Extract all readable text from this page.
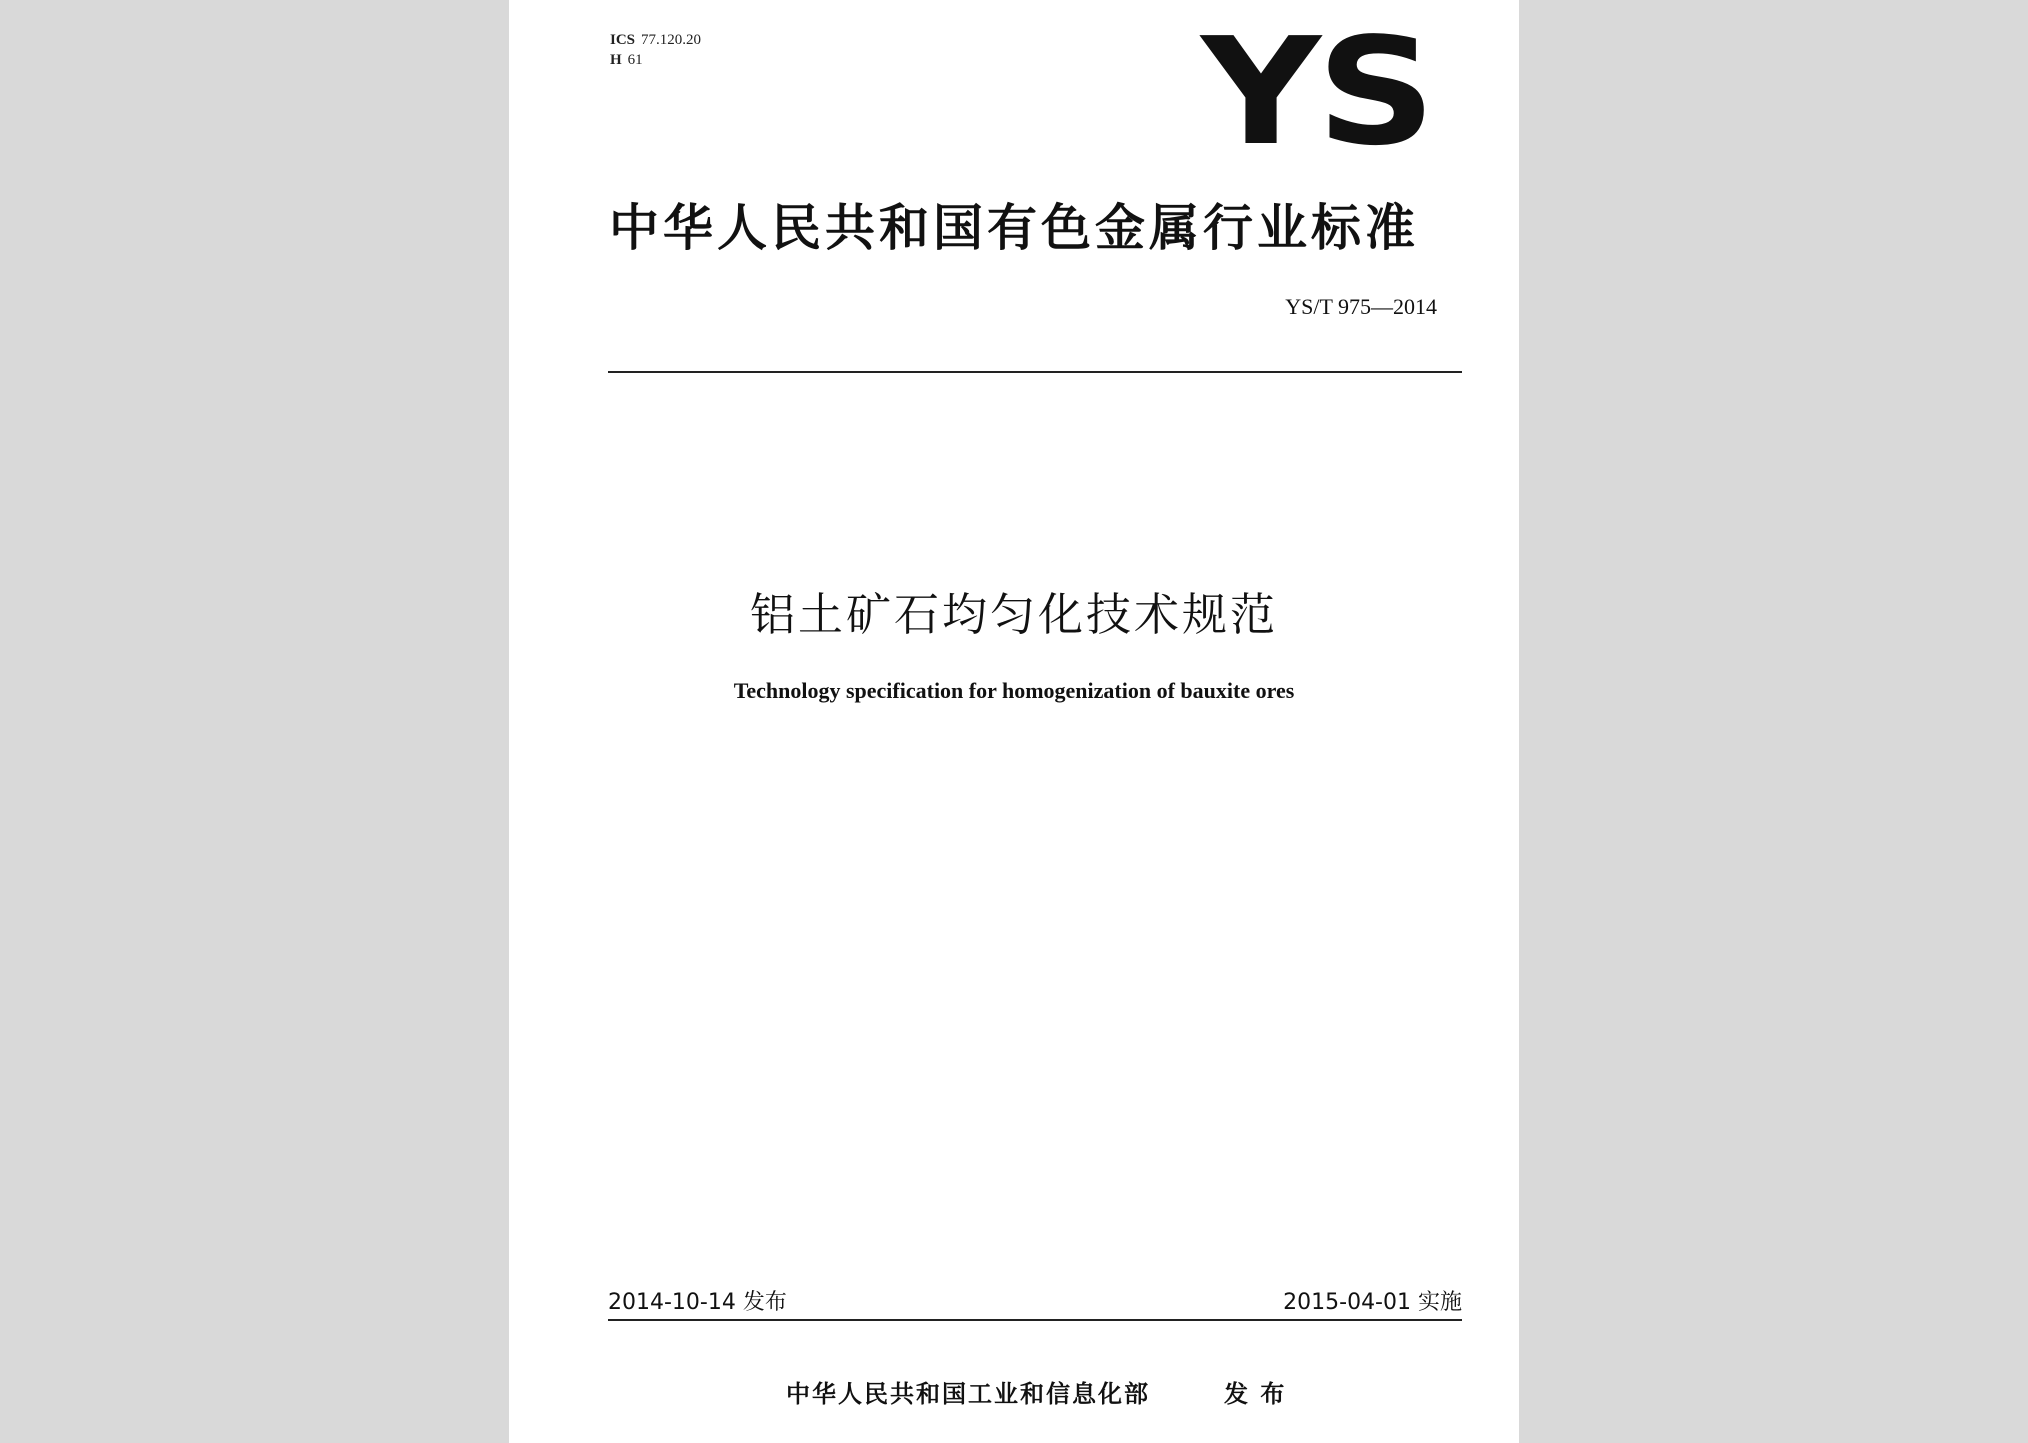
ICS 77.120.20
H 61	YS
中华人民共和国有色金属行业标准
YS/T 975—2014
铝土矿石均匀化技术规范
Technology specification for homogenization of bauxite ores
2014-10-14 发布	2015-04-01 实施
中华人民共和国工业和信息化部	发 布
